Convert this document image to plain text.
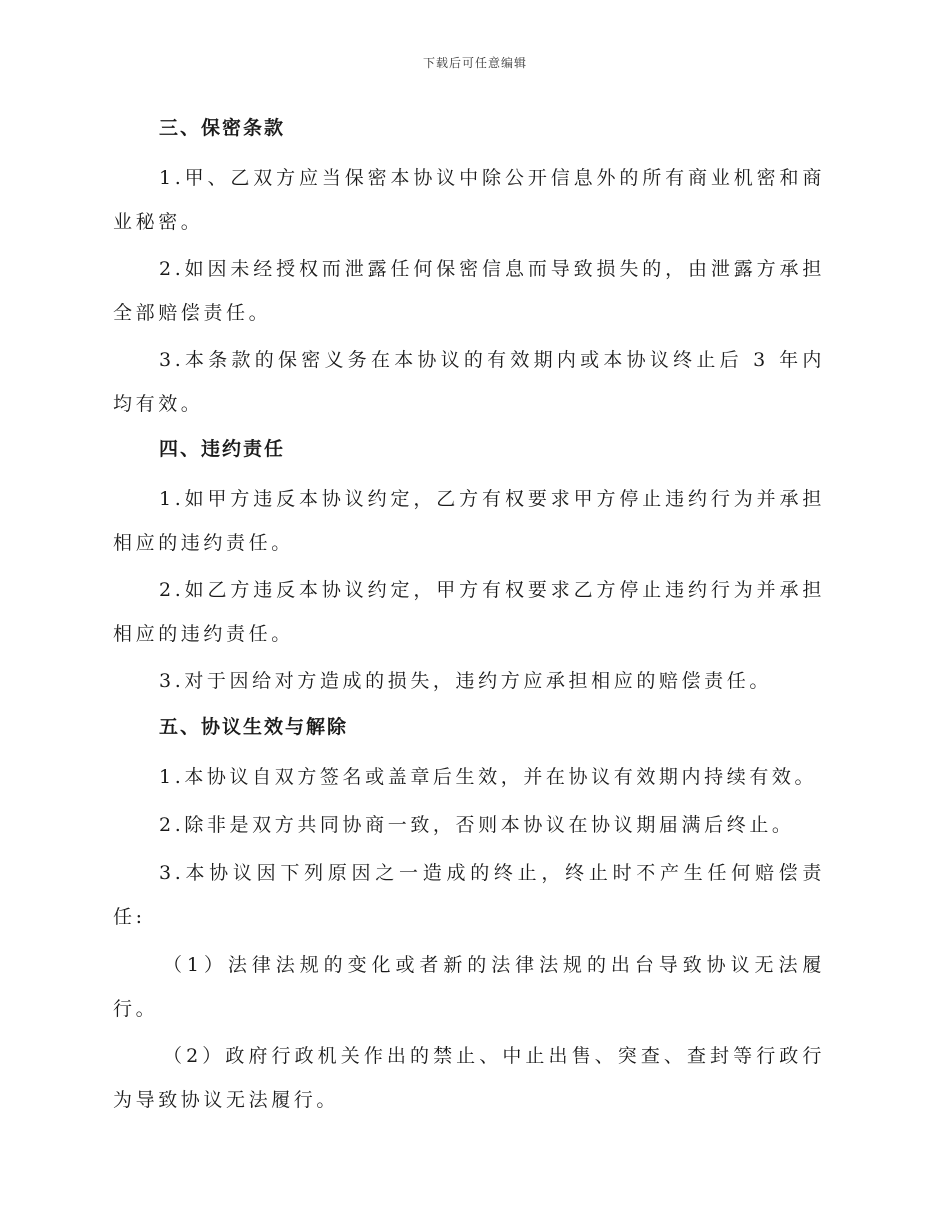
下载后可任意编辑
三、保密条款

1.甲、乙双方应当保密本协议中除公开信息外的所有商业机密和商业秘密。

2.如因未经授权而泄露任何保密信息而导致损失的，由泄露方承担全部赔偿责任。

3.本条款的保密义务在本协议的有效期内或本协议终止后 3 年内均有效。

四、违约责任

1.如甲方违反本协议约定，乙方有权要求甲方停止违约行为并承担相应的违约责任。

2.如乙方违反本协议约定，甲方有权要求乙方停止违约行为并承担相应的违约责任。

3.对于因给对方造成的损失，违约方应承担相应的赔偿责任。

五、协议生效与解除

1.本协议自双方签名或盖章后生效，并在协议有效期内持续有效。

2.除非是双方共同协商一致，否则本协议在协议期届满后终止。

3.本协议因下列原因之一造成的终止，终止时不产生任何赔偿责任:

（1）法律法规的变化或者新的法律法规的出台导致协议无法履行。

（2）政府行政机关作出的禁止、中止出售、突查、查封等行政行为导致协议无法履行。
